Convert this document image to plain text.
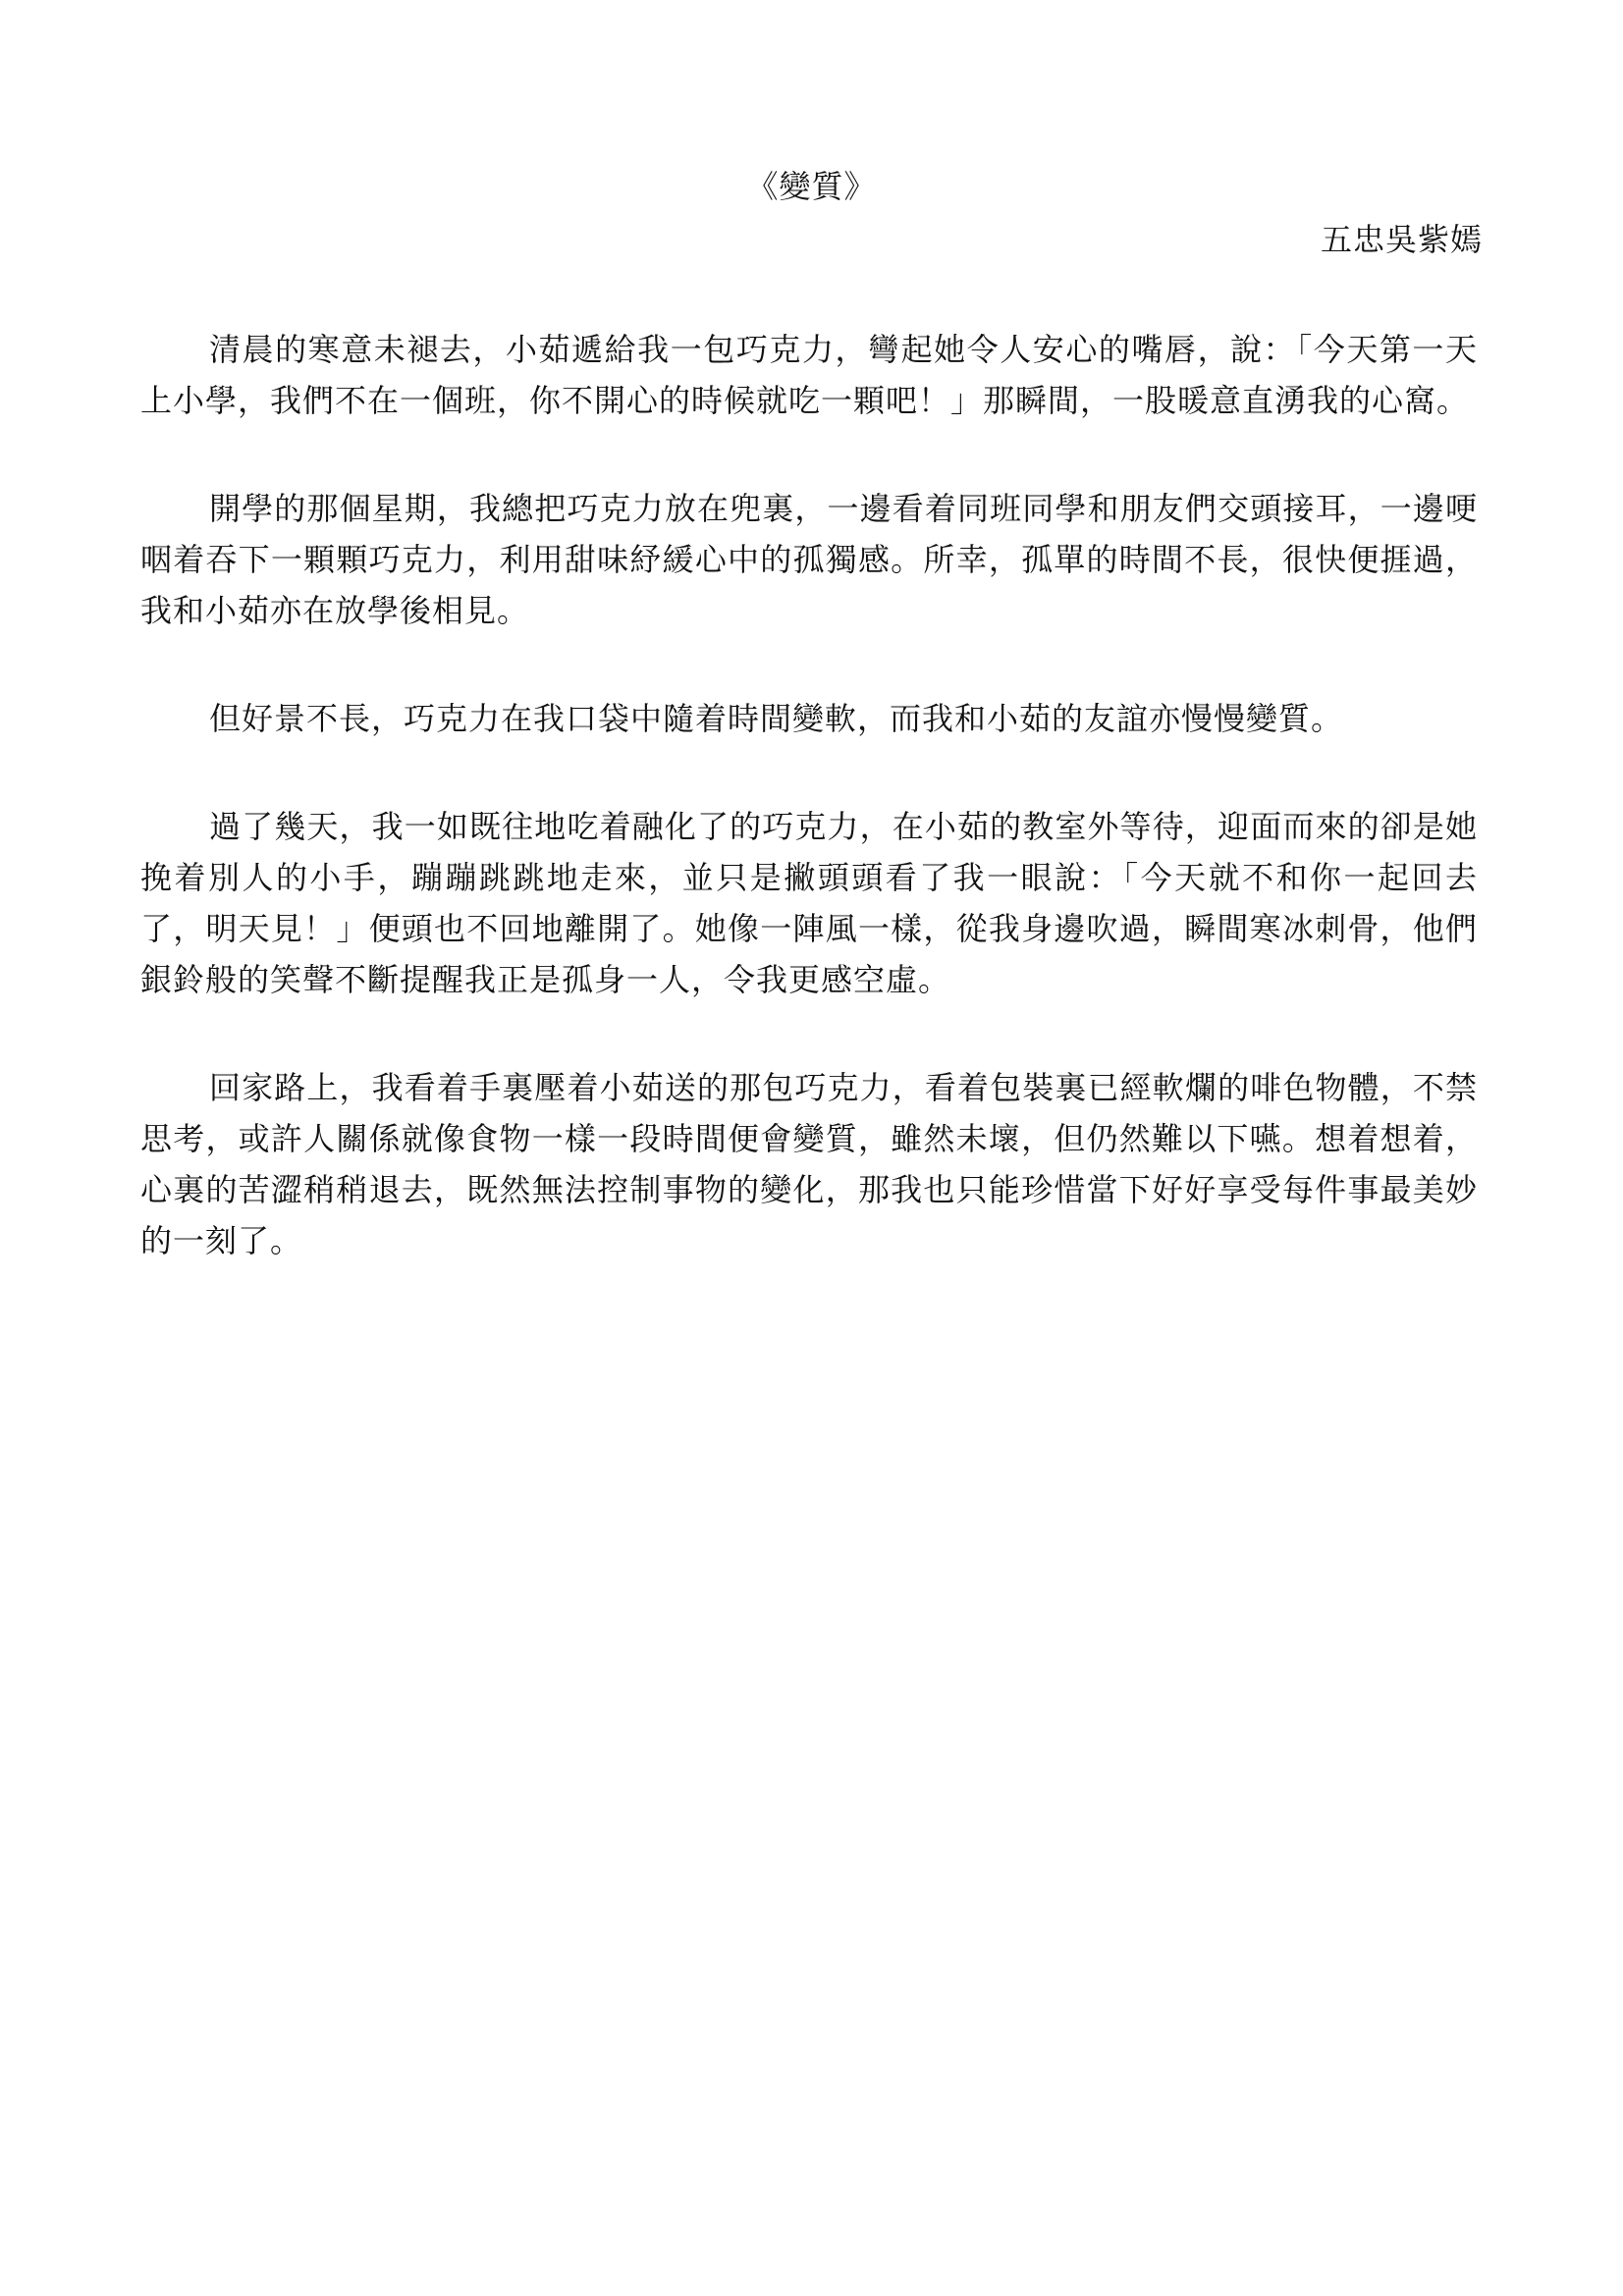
《變質》
五忠吳紫嫣

清晨的寒意未褪去，小茹遞給我一包巧克力，彎起她令人安心的嘴唇，說：「今天第一天上小學，我們不在一個班，你不開心的時候就吃一顆吧！」那瞬間，一股暖意直湧我的心窩。

開學的那個星期，我總把巧克力放在兜裏，一邊看着同班同學和朋友們交頭接耳，一邊哽咽着吞下一顆顆巧克力，利用甜味紓緩心中的孤獨感。所幸，孤單的時間不長，很快便捱過，我和小茹亦在放學後相見。

但好景不長，巧克力在我口袋中隨着時間變軟，而我和小茹的友誼亦慢慢變質。

過了幾天，我一如既往地吃着融化了的巧克力，在小茹的教室外等待，迎面而來的卻是她挽着別人的小手，蹦蹦跳跳地走來，並只是撇頭頭看了我一眼說：「今天就不和你一起回去了，明天見！」便頭也不回地離開了。她像一陣風一樣，從我身邊吹過，瞬間寒冰刺骨，他們銀鈴般的笑聲不斷提醒我正是孤身一人，令我更感空虛。

回家路上，我看着手裏壓着小茹送的那包巧克力，看着包裝裏已經軟爛的啡色物體，不禁思考，或許人關係就像食物一樣一段時間便會變質，雖然未壞，但仍然難以下嚥。想着想着，心裏的苦澀稍稍退去，既然無法控制事物的變化，那我也只能珍惜當下好好享受每件事最美妙的一刻了。
